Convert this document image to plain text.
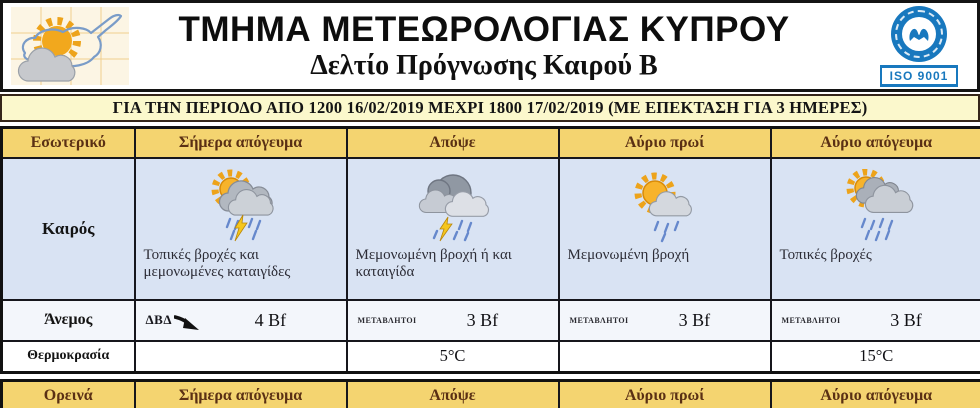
ΤΜΗΜΑ ΜΕΤΕΩΡΟΛΟΓΙΑΣ ΚΥΠΡΟΥ
Δελτίο Πρόγνωσης Καιρού Β	ISO 9001
ΓΙΑ ΤΗΝ ΠΕΡΙΟΔΟ ΑΠΟ 1200 16/02/2019 ΜΕΧΡΙ 1800 17/02/2019 (ΜΕ ΕΠΕΚΤΑΣΗ ΓΙΑ 3 ΗΜΕΡΕΣ)
Εσωτερικό	Σήμερα απόγευμα	Απόψε	Αύριο πρωί	Αύριο απόγευμα
Καιρός	Τοπικές βροχές και μεμονωμένες καταιγίδες	Μεμονωμένη βροχή ή και καταιγίδα	Μεμονωμένη βροχή	Τοπικές βροχές

Άνεμος	ΔΒΔ 4 Bf	ΜΕΤΑΒΛΗΤΟΙ 3 Bf	ΜΕΤΑΒΛΗΤΟΙ 3 Bf	ΜΕΤΑΒΛΗΤΟΙ 3 Bf

Θερμοκρασία		5°C		15°C
Ορεινά	Σήμερα απόγευμα	Απόψε	Αύριο πρωί	Αύριο απόγευμα
